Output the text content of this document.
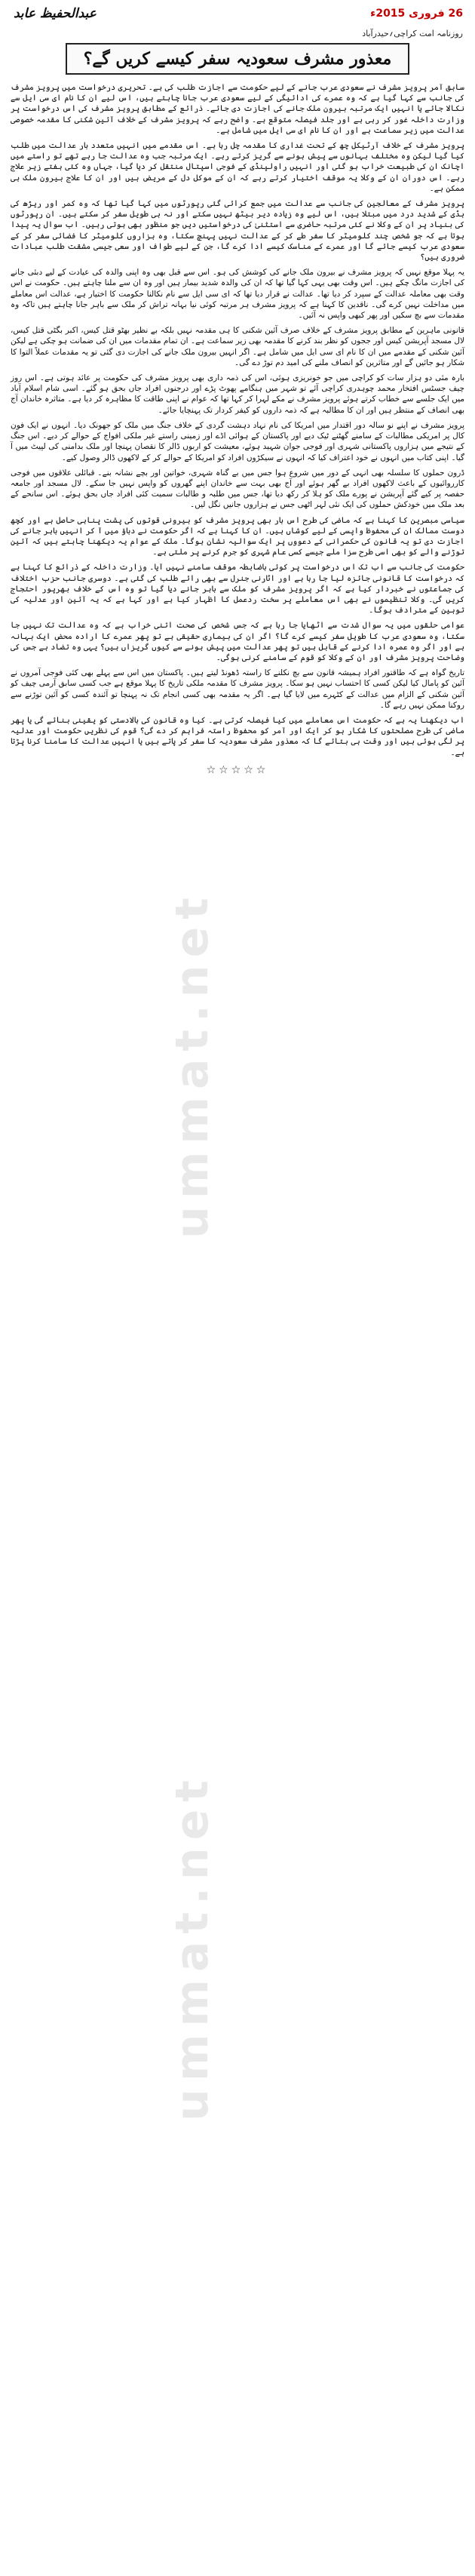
عبدالحفیظ عابد	26 فروری 2015ء
روزنامہ امت کراچی؍حیدرآباد
معذور مشرف سعودیہ سفر کیسے کریں گے؟

سابق آمر پرویز مشرف نے سعودی عرب جانے کے لیے حکومت سے اجازت طلب کی ہے۔ تحریری درخواست میں پرویز مشرف کی جانب سے کہا گیا ہے کہ وہ عمرے کی ادائیگی کے لیے سعودی عرب جانا چاہتے ہیں، اس لیے ان کا نام ای سی ایل سے نکالا جائے یا انہیں ایک مرتبہ بیرون ملک جانے کی اجازت دی جائے۔ ذرائع کے مطابق پرویز مشرف کی اس درخواست پر وزارت داخلہ غور کر رہی ہے اور جلد فیصلہ متوقع ہے۔ واضح رہے کہ پرویز مشرف کے خلاف آئین شکنی کا مقدمہ خصوصی عدالت میں زیر سماعت ہے اور ان کا نام ای سی ایل میں شامل ہے۔

پرویز مشرف کے خلاف آرٹیکل چھ کے تحت غداری کا مقدمہ چل رہا ہے۔ اس مقدمے میں انہیں متعدد بار عدالت میں طلب کیا گیا لیکن وہ مختلف بہانوں سے پیش ہونے سے گریز کرتے رہے۔ ایک مرتبہ جب وہ عدالت جا رہے تھے تو راستے میں اچانک ان کی طبیعت خراب ہو گئی اور انہیں راولپنڈی کے فوجی اسپتال منتقل کر دیا گیا، جہاں وہ کئی ہفتے زیر علاج رہے۔ اس دوران ان کے وکلا یہ موقف اختیار کرتے رہے کہ ان کے موکل دل کے مریض ہیں اور ان کا علاج بیرون ملک ہی ممکن ہے۔

پرویز مشرف کے معالجین کی جانب سے عدالت میں جمع کرائی گئی رپورٹوں میں کہا گیا تھا کہ وہ کمر اور ریڑھ کی ہڈی کے شدید درد میں مبتلا ہیں، اس لیے وہ زیادہ دیر بیٹھ نہیں سکتے اور نہ ہی طویل سفر کر سکتے ہیں۔ ان رپورٹوں کی بنیاد پر ان کے وکلا نے کئی مرتبہ حاضری سے استثنیٰ کی درخواستیں دیں جو منظور بھی ہوتی رہیں۔ اب سوال یہ پیدا ہوتا ہے کہ جو شخص چند کلومیٹر کا سفر طے کر کے عدالت نہیں پہنچ سکتا، وہ ہزاروں کلومیٹر کا فضائی سفر کر کے سعودی عرب کیسے جائے گا اور عمرے کے مناسک کیسے ادا کرے گا، جن کے لیے طواف اور سعی جیسی مشقت طلب عبادات ضروری ہیں؟

یہ پہلا موقع نہیں کہ پرویز مشرف نے بیرون ملک جانے کی کوشش کی ہو۔ اس سے قبل بھی وہ اپنی والدہ کی عیادت کے لیے دبئی جانے کی اجازت مانگ چکے ہیں۔ اس وقت بھی یہی کہا گیا تھا کہ ان کی والدہ شدید بیمار ہیں اور وہ ان سے ملنا چاہتے ہیں۔ حکومت نے اس وقت بھی معاملہ عدالت کے سپرد کر دیا تھا۔ عدالت نے قرار دیا تھا کہ ای سی ایل سے نام نکالنا حکومت کا اختیار ہے، عدالت اس معاملے میں مداخلت نہیں کرے گی۔ ناقدین کا کہنا ہے کہ پرویز مشرف ہر مرتبہ کوئی نیا بہانہ تراش کر ملک سے باہر جانا چاہتے ہیں تاکہ وہ مقدمات سے بچ سکیں اور پھر کبھی واپس نہ آئیں۔

قانونی ماہرین کے مطابق پرویز مشرف کے خلاف صرف آئین شکنی کا ہی مقدمہ نہیں بلکہ بے نظیر بھٹو قتل کیس، اکبر بگٹی قتل کیس، لال مسجد آپریشن کیس اور ججوں کو نظر بند کرنے کا مقدمہ بھی زیر سماعت ہے۔ ان تمام مقدمات میں ان کی ضمانت ہو چکی ہے لیکن آئین شکنی کے مقدمے میں ان کا نام ای سی ایل میں شامل ہے۔ اگر انہیں بیرون ملک جانے کی اجازت دی گئی تو یہ مقدمات عملاً التوا کا شکار ہو جائیں گے اور متاثرین کو انصاف ملنے کی امید دم توڑ دے گی۔

بارہ مئی دو ہزار سات کو کراچی میں جو خونریزی ہوئی، اس کی ذمہ داری بھی پرویز مشرف کی حکومت پر عائد ہوتی ہے۔ اس روز چیف جسٹس افتخار محمد چوہدری کراچی آئے تو شہر میں ہنگامے پھوٹ پڑے اور درجنوں افراد جاں بحق ہو گئے۔ اسی شام اسلام آباد میں ایک جلسے سے خطاب کرتے ہوئے پرویز مشرف نے مکے لہرا کر کہا تھا کہ عوام نے اپنی طاقت کا مظاہرہ کر دیا ہے۔ متاثرہ خاندان آج بھی انصاف کے منتظر ہیں اور ان کا مطالبہ ہے کہ ذمہ داروں کو کیفر کردار تک پہنچایا جائے۔

پرویز مشرف نے اپنے نو سالہ دور اقتدار میں امریکا کی نام نہاد دہشت گردی کے خلاف جنگ میں ملک کو جھونک دیا۔ انہوں نے ایک فون کال پر امریکی مطالبات کے سامنے گھٹنے ٹیک دیے اور پاکستان کے ہوائی اڈے اور زمینی راستے غیر ملکی افواج کے حوالے کر دیے۔ اس جنگ کے نتیجے میں ہزاروں پاکستانی شہری اور فوجی جوان شہید ہوئے، معیشت کو اربوں ڈالر کا نقصان پہنچا اور ملک بدامنی کی لپیٹ میں آ گیا۔ اپنی کتاب میں انہوں نے خود اعتراف کیا کہ انہوں نے سیکڑوں افراد کو امریکا کے حوالے کر کے لاکھوں ڈالر وصول کیے۔

ڈرون حملوں کا سلسلہ بھی انہی کے دور میں شروع ہوا جس میں بے گناہ شہری، خواتین اور بچے نشانہ بنے۔ قبائلی علاقوں میں فوجی کارروائیوں کے باعث لاکھوں افراد بے گھر ہوئے اور آج بھی بہت سے خاندان اپنے گھروں کو واپس نہیں جا سکے۔ لال مسجد اور جامعہ حفصہ پر کیے گئے آپریشن نے پورے ملک کو ہلا کر رکھ دیا تھا، جس میں طلبہ و طالبات سمیت کئی افراد جاں بحق ہوئے۔ اس سانحے کے بعد ملک میں خودکش حملوں کی ایک نئی لہر اٹھی جس نے ہزاروں جانیں نگل لیں۔

سیاسی مبصرین کا کہنا ہے کہ ماضی کی طرح اس بار بھی پرویز مشرف کو بیرونی قوتوں کی پشت پناہی حاصل ہے اور کچھ دوست ممالک ان کی محفوظ واپسی کے لیے کوشاں ہیں۔ ان کا کہنا ہے کہ اگر حکومت نے دباؤ میں آ کر انہیں باہر جانے کی اجازت دی تو یہ قانون کی حکمرانی کے دعووں پر ایک سوالیہ نشان ہوگا۔ ملک کے عوام یہ دیکھنا چاہتے ہیں کہ آئین توڑنے والے کو بھی اسی طرح سزا ملے جیسے کسی عام شہری کو جرم کرنے پر ملتی ہے۔

حکومت کی جانب سے اب تک اس درخواست پر کوئی باضابطہ موقف سامنے نہیں آیا۔ وزارت داخلہ کے ذرائع کا کہنا ہے کہ درخواست کا قانونی جائزہ لیا جا رہا ہے اور اٹارنی جنرل سے بھی رائے طلب کی گئی ہے۔ دوسری جانب حزب اختلاف کی جماعتوں نے خبردار کیا ہے کہ اگر پرویز مشرف کو ملک سے باہر جانے دیا گیا تو وہ اس کے خلاف بھرپور احتجاج کریں گی۔ وکلا تنظیموں نے بھی اس معاملے پر سخت ردعمل کا اظہار کیا ہے اور کہا ہے کہ یہ آئین اور عدلیہ کی توہین کے مترادف ہوگا۔

عوامی حلقوں میں یہ سوال شدت سے اٹھایا جا رہا ہے کہ جس شخص کی صحت اتنی خراب ہے کہ وہ عدالت تک نہیں جا سکتا، وہ سعودی عرب کا طویل سفر کیسے کرے گا؟ اگر ان کی بیماری حقیقی ہے تو پھر عمرے کا ارادہ محض ایک بہانہ ہے اور اگر وہ عمرہ ادا کرنے کے قابل ہیں تو پھر عدالت میں پیش ہونے سے کیوں گریزاں ہیں؟ یہی وہ تضاد ہے جس کی وضاحت پرویز مشرف اور ان کے وکلا کو قوم کے سامنے کرنی ہوگی۔

تاریخ گواہ ہے کہ طاقتور افراد ہمیشہ قانون سے بچ نکلنے کا راستہ ڈھونڈ لیتے ہیں۔ پاکستان میں اس سے پہلے بھی کئی فوجی آمروں نے آئین کو پامال کیا لیکن کسی کا احتساب نہیں ہو سکا۔ پرویز مشرف کا مقدمہ ملکی تاریخ کا پہلا موقع ہے جب کسی سابق آرمی چیف کو آئین شکنی کے الزام میں عدالت کے کٹہرے میں لایا گیا ہے۔ اگر یہ مقدمہ بھی کسی انجام تک نہ پہنچا تو آئندہ کسی کو آئین توڑنے سے روکنا ممکن نہیں رہے گا۔

اب دیکھنا یہ ہے کہ حکومت اس معاملے میں کیا فیصلہ کرتی ہے۔ کیا وہ قانون کی بالادستی کو یقینی بنائے گی یا پھر ماضی کی طرح مصلحتوں کا شکار ہو کر ایک اور آمر کو محفوظ راستہ فراہم کر دے گی؟ قوم کی نظریں حکومت اور عدلیہ پر لگی ہوئی ہیں اور وقت ہی بتائے گا کہ معذور مشرف سعودیہ کا سفر کر پاتے ہیں یا انہیں عدالت کا سامنا کرنا پڑتا ہے۔

☆☆☆☆☆
ummat.net
ummat.net
